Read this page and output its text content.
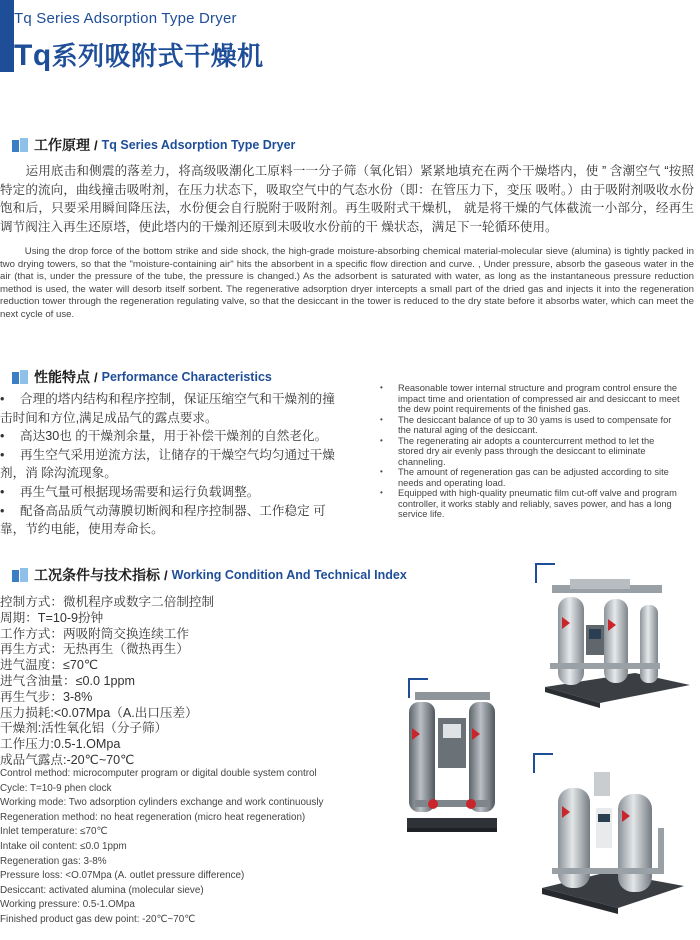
Tq Series Adsorption Type Dryer
Tq系列吸附式干燥机
工作原理 / Tq Series Adsorption Type Dryer
　　运用底击和侧震的落差力，将高级吸潮化工原料一一分子筛（氧化铝）紧紧地填充在两个干燥塔内，使 ” 含潮空气 “按照特定的流向，曲线撞击吸咐剂，在压力状态下，吸取空气中的气态水份（即：在管压力下，变压 吸咐。）由于吸附剂吸收水份饱和后，只要采用瞬间降压法，水份便会自行脱附于吸附剂。再生吸附式干燥机， 就是将干燥的气体截流一小部分，经再生调节阀注入再生还原塔，使此塔内的干燥剂还原到未吸收水份前的干 燥状态，满足下一轮循环使用。
Using the drop force of the bottom strike and side shock, the high-grade moisture-absorbing chemical material-molecular sieve (alumina) is tightly packed in two drying towers, so that the "moisture-containing air" hits the absorbent in a specific flow direction and curve. , Under pressure, absorb the gaseous water in the air (that is, under the pressure of the tube, the pressure is changed.) As the adsorbent is saturated with water, as long as the instantaneous pressure reduction method is used, the water will desorb itself sorbent. The regenerative adsorption dryer intercepts a small part of the dried gas and injects it into the regeneration reduction tower through the regeneration regulating valve, so that the desiccant in the tower is reduced to the dry state before it absorbs water, which can meet the next cycle of use.
性能特点 / Performance Characteristics
•	合理的塔内结构和程序控制，保证压缩空气和干燥剂的撞击时间和方位,满足成品气的露点要求。
•	高达30也 的干燥剂余量，用于补偿干燥剂的自然老化。
•	再生空气采用逆流方法，让储存的干燥空气均匀通过干燥剂，消 除沟流现象。
•	再生气量可根据现场需要和运行负载调整。
•	配备高品质气动薄膜切断阀和程序控制器、工作稳定 可靠，节约电能，使用寿命长。
• Reasonable tower internal structure and program control ensure the impact time and orientation of compressed air and desiccant to meet the dew point requirements of the finished gas.
• The desiccant balance of up to 30 yams is used to compensate for the natural aging of the desiccant.
• The regenerating air adopts a countercurrent method to let the stored dry air evenly pass through the desiccant to eliminate channeling.
• The amount of regeneration gas can be adjusted according to site needs and operating load.
• Equipped with high-quality pneumatic film cut-off valve and program controller, it works stably and reliably, saves power, and has a long service life.
工况条件与技术指标 / Working Condition And Technical Index
控制方式：微机程序或数字二倍制控制
周期：T=10-9扮钟
工作方式：两吸附筒交换连续工作
再生方式：无热再生（微热再生）
进气温度：≤70℃
进气含油量：≤0.0 1ppm
再生气步：3-8%
压力损耗:<0.07Mpa（A.出口压差）
干燥剂:活性氧化铝（分子筛）
工作压力:0.5-1.OMpa
成品气露点:-20℃~70℃
Control method: microcomputer program or digital double system control
Cycle: T=10-9 phen clock
Working mode: Two adsorption cylinders exchange and work continuously
Regeneration method: no heat regeneration (micro heat regeneration)
Inlet temperature: ≤70℃
Intake oil content: ≤0.0 1ppm
Regeneration gas: 3-8%
Pressure loss: <O.07Mpa (A. outlet pressure difference)
Desiccant: activated alumina (molecular sieve)
Working pressure: 0.5-1.OMpa
Finished product gas dew point: -20℃~70℃
